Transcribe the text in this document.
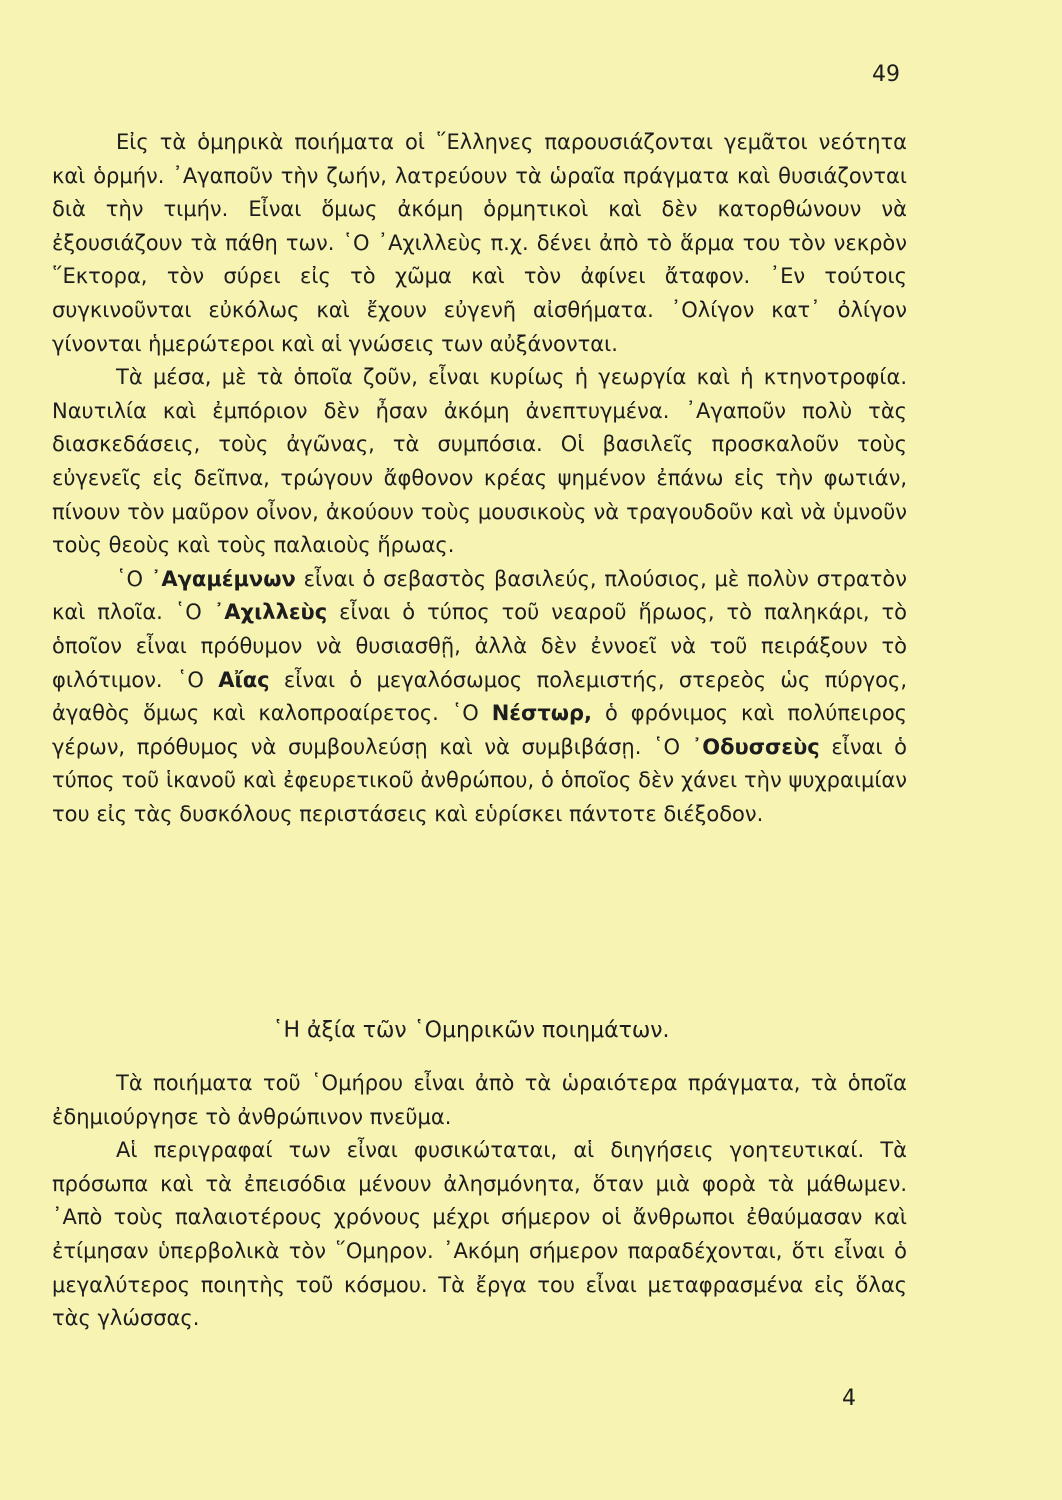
49

Εἰς τὰ ὁμηρικὰ ποιήματα οἱ ῞Ελληνες παρουσιάζονται γεμᾶτοι νεότητα καὶ ὁρμήν. ᾿Αγαποῦν τὴν ζωήν, λατρεύουν τὰ ὡραῖα πράγματα καὶ θυσιάζονται διὰ τὴν τιμήν. Εἶναι ὅμως ἀκόμη ὁρμητικοὶ καὶ δὲν κατορθώνουν νὰ ἐξουσιάζουν τὰ πάθη των. ῾Ο ᾿Αχιλλεὺς π.χ. δένει ἀπὸ τὸ ἅρμα του τὸν νεκρὸν ῞Εκτορα, τὸν σύρει εἰς τὸ χῶμα καὶ τὸν ἀφίνει ἄταφον. ᾿Εν τούτοις συγκινοῦνται εὐκόλως καὶ ἔχουν εὐγενῆ αἰσθήματα. ᾿Ολίγον κατ᾿ ὀλίγον γίνονται ἡμερώτεροι καὶ αἱ γνώσεις των αὐξάνονται.

Τὰ μέσα, μὲ τὰ ὁποῖα ζοῦν, εἶναι κυρίως ἡ γεωργία καὶ ἡ κτηνοτροφία. Ναυτιλία καὶ ἐμπόριον δὲν ἦσαν ἀκόμη ἀνεπτυγμένα. ᾿Αγαποῦν πολὺ τὰς διασκεδάσεις, τοὺς ἀγῶνας, τὰ συμπόσια. Οἱ βασιλεῖς προσκαλοῦν τοὺς εὐγενεῖς εἰς δεῖπνα, τρώγουν ἄφθονον κρέας ψημένον ἐπάνω εἰς τὴν φωτιάν, πίνουν τὸν μαῦρον οἶνον, ἀκούουν τοὺς μουσικοὺς νὰ τραγουδοῦν καὶ νὰ ὑμνοῦν τοὺς θεοὺς καὶ τοὺς παλαιοὺς ἥρωας.

῾Ο ᾿Αγαμέμνων εἶναι ὁ σεβαστὸς βασιλεύς, πλούσιος, μὲ πολὺν στρατὸν καὶ πλοῖα. ῾Ο ᾿Αχιλλεὺς εἶναι ὁ τύπος τοῦ νεαροῦ ἥρωος, τὸ παληκάρι, τὸ ὁποῖον εἶναι πρόθυμον νὰ θυσιασθῇ, ἀλλὰ δὲν ἐννοεῖ νὰ τοῦ πειράξουν τὸ φιλότιμον. ῾Ο Αἴας εἶναι ὁ μεγαλόσωμος πολεμιστής, στερεὸς ὡς πύργος, ἀγαθὸς ὅμως καὶ καλοπροαίρετος. ῾Ο Νέστωρ, ὁ φρόνιμος καὶ πολύπειρος γέρων, πρόθυμος νὰ συμβουλεύσῃ καὶ νὰ συμβιβάσῃ. ῾Ο ᾿Οδυσσεὺς εἶναι ὁ τύπος τοῦ ἱκανοῦ καὶ ἐφευρετικοῦ ἀνθρώπου, ὁ ὁποῖος δὲν χάνει τὴν ψυχραιμίαν του εἰς τὰς δυσκόλους περιστάσεις καὶ εὑρίσκει πάντοτε διέξοδον.

῾Η ἀξία τῶν ῾Ομηρικῶν ποιημάτων.

Τὰ ποιήματα τοῦ ῾Ομήρου εἶναι ἀπὸ τὰ ὡραιότερα πράγματα, τὰ ὁποῖα ἐδημιούργησε τὸ ἀνθρώπινον πνεῦμα.

Αἱ περιγραφαί των εἶναι φυσικώταται, αἱ διηγήσεις γοητευτικαί. Τὰ πρόσωπα καὶ τὰ ἐπεισόδια μένουν ἀλησμόνητα, ὅταν μιὰ φορὰ τὰ μάθωμεν. ᾿Απὸ τοὺς παλαιοτέρους χρόνους μέχρι σήμερον οἱ ἄνθρωποι ἐθαύμασαν καὶ ἐτίμησαν ὑπερβολικὰ τὸν ῞Ομηρον. ᾿Ακόμη σήμερον παραδέχονται, ὅτι εἶναι ὁ μεγαλύτερος ποιητὴς τοῦ κόσμου. Τὰ ἔργα του εἶναι μεταφρασμένα εἰς ὅλας τὰς γλώσσας.

4
